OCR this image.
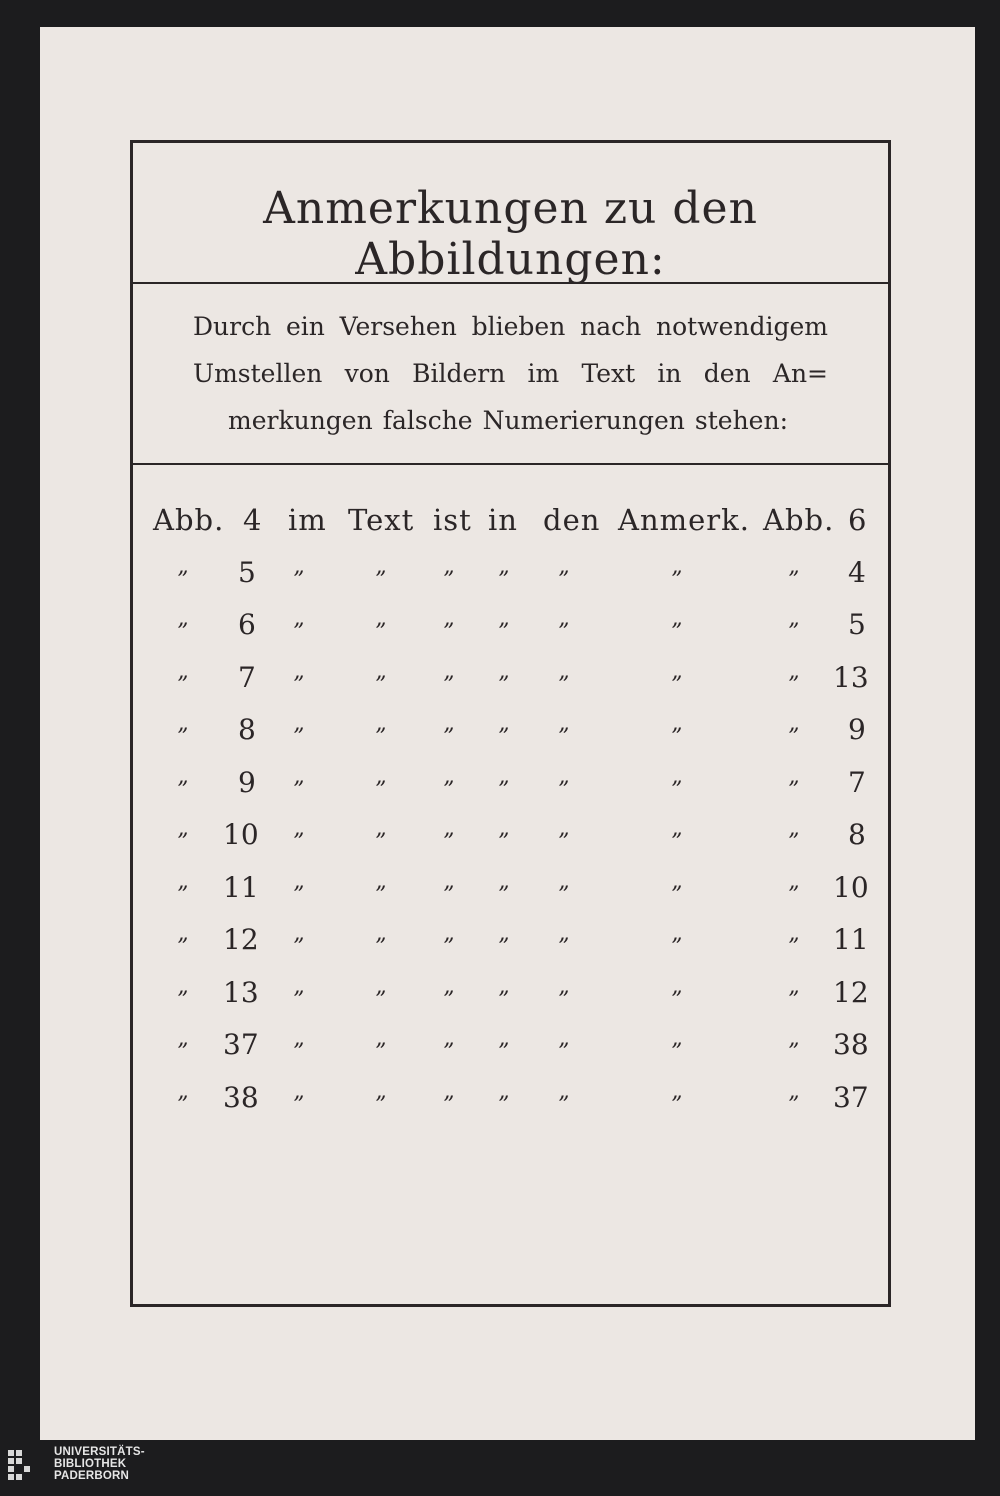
Anmerkungen zu den Abbildungen:
Durch ein Versehen blieben nach notwendigem
Umstellen von Bildern im Text in den An=
merkungen falsche Numerierungen stehen:
Abb. 4 im Text ist in den Anmerk. Abb. 6
” 5 ”	”	” ” ”	”	” 4
” 6 ”	”	” ” ”	”	” 5
” 7 ”	”	” ” ”	”	” 13
” 8 ”	”	” ” ”	”	” 9
” 9 ”	”	” ” ”	”	” 7
” 10 ”	”	” ” ”	”	” 8
” 11 ”	”	” ” ”	”	” 10
” 12 ”	”	” ” ”	”	” 11
” 13 ”	”	” ” ”	”	” 12
” 37 ”	”	” ” ”	”	” 38
” 38 ”	”	” ” ”	”	” 37
UNIVERSITÄTS-
BIBLIOTHEK
PADERBORN
